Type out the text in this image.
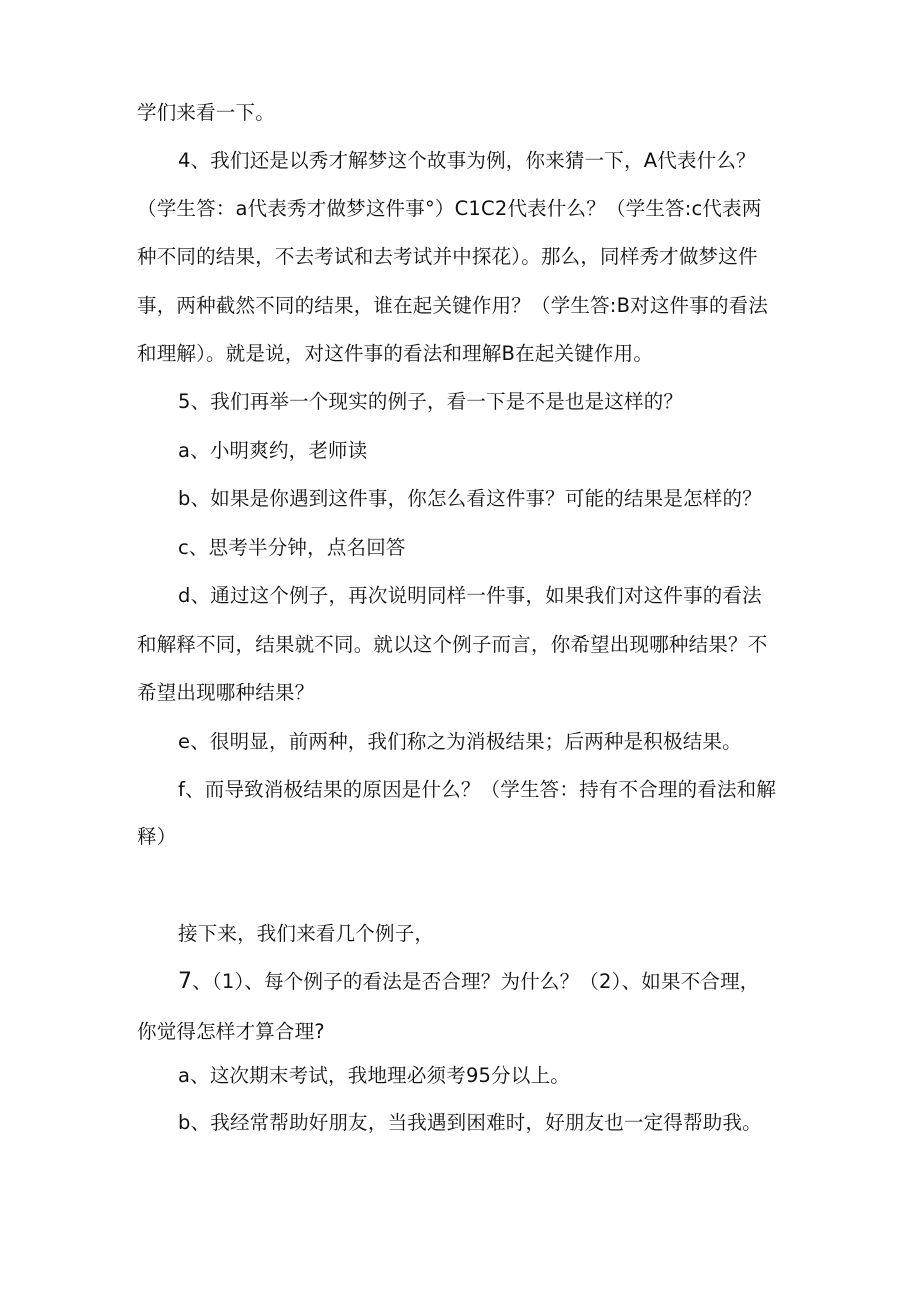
学们来看一下。
4、我们还是以秀才解梦这个故事为例，你来猜一下，A代表什么？
（学生答：a代表秀才做梦这件事°）C1C2代表什么？（学生答:c代表两
种不同的结果，不去考试和去考试并中探花）。那么，同样秀才做梦这件
事，两种截然不同的结果，谁在起关键作用？（学生答:B对这件事的看法
和理解）。就是说，对这件事的看法和理解B在起关键作用。
5、我们再举一个现实的例子，看一下是不是也是这样的？
a、小明爽约，老师读
b、如果是你遇到这件事，你怎么看这件事？可能的结果是怎样的？
c、思考半分钟，点名回答
d、通过这个例子，再次说明同样一件事，如果我们对这件事的看法
和解释不同，结果就不同。就以这个例子而言，你希望出现哪种结果？不
希望出现哪种结果？
e、很明显，前两种，我们称之为消极结果；后两种是积极结果。
f、而导致消极结果的原因是什么？（学生答：持有不合理的看法和解
释）
接下来，我们来看几个例子，
7、（1）、每个例子的看法是否合理？为什么？（2）、如果不合理，
你觉得怎样才算合理?
a、这次期末考试，我地理必须考95分以上。
b、我经常帮助好朋友，当我遇到困难时，好朋友也一定得帮助我。
